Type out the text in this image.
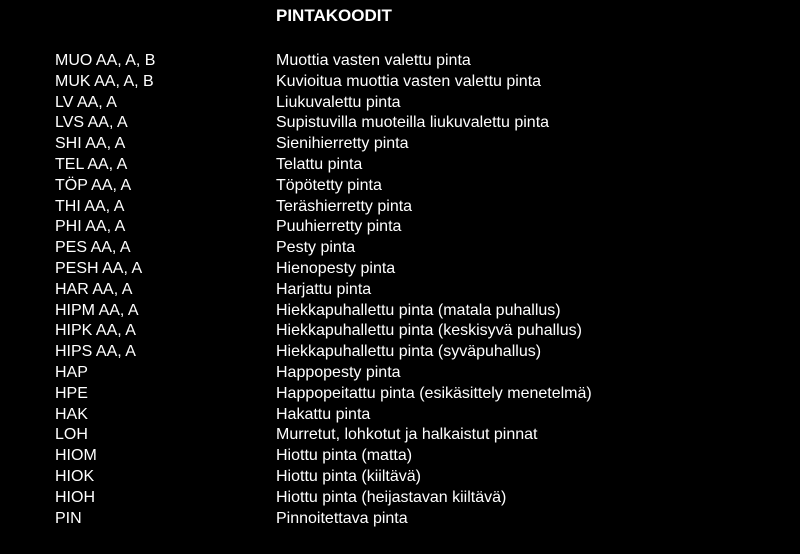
PINTAKOODIT
MUO AA, A, B	Muottia vasten valettu pinta
MUK AA, A, B	Kuvioitua muottia vasten valettu pinta
LV AA, A	Liukuvalettu pinta
LVS AA, A	Supistuvilla muoteilla liukuvalettu pinta
SHI AA, A	Sienihierretty pinta
TEL AA, A	Telattu pinta
TÖP AA, A	Töpötetty pinta
THI AA, A	Teräshierretty pinta
PHI AA, A	Puuhierretty pinta
PES AA, A	Pesty pinta
PESH AA, A	Hienopesty pinta
HAR AA, A	Harjattu pinta
HIPM AA, A	Hiekkapuhallettu pinta (matala puhallus)
HIPK AA, A	Hiekkapuhallettu pinta (keskisyvä puhallus)
HIPS AA, A	Hiekkapuhallettu pinta (syväpuhallus)
HAP	Happopesty pinta
HPE	Happopeitattu pinta (esikäsittely menetelmä)
HAK	Hakattu pinta
LOH	Murretut, lohkotut ja halkaistut pinnat
HIOM	Hiottu pinta (matta)
HIOK	Hiottu pinta (kiiltävä)
HIOH	Hiottu pinta (heijastavan kiiltävä)
PIN	Pinnoitettava pinta
